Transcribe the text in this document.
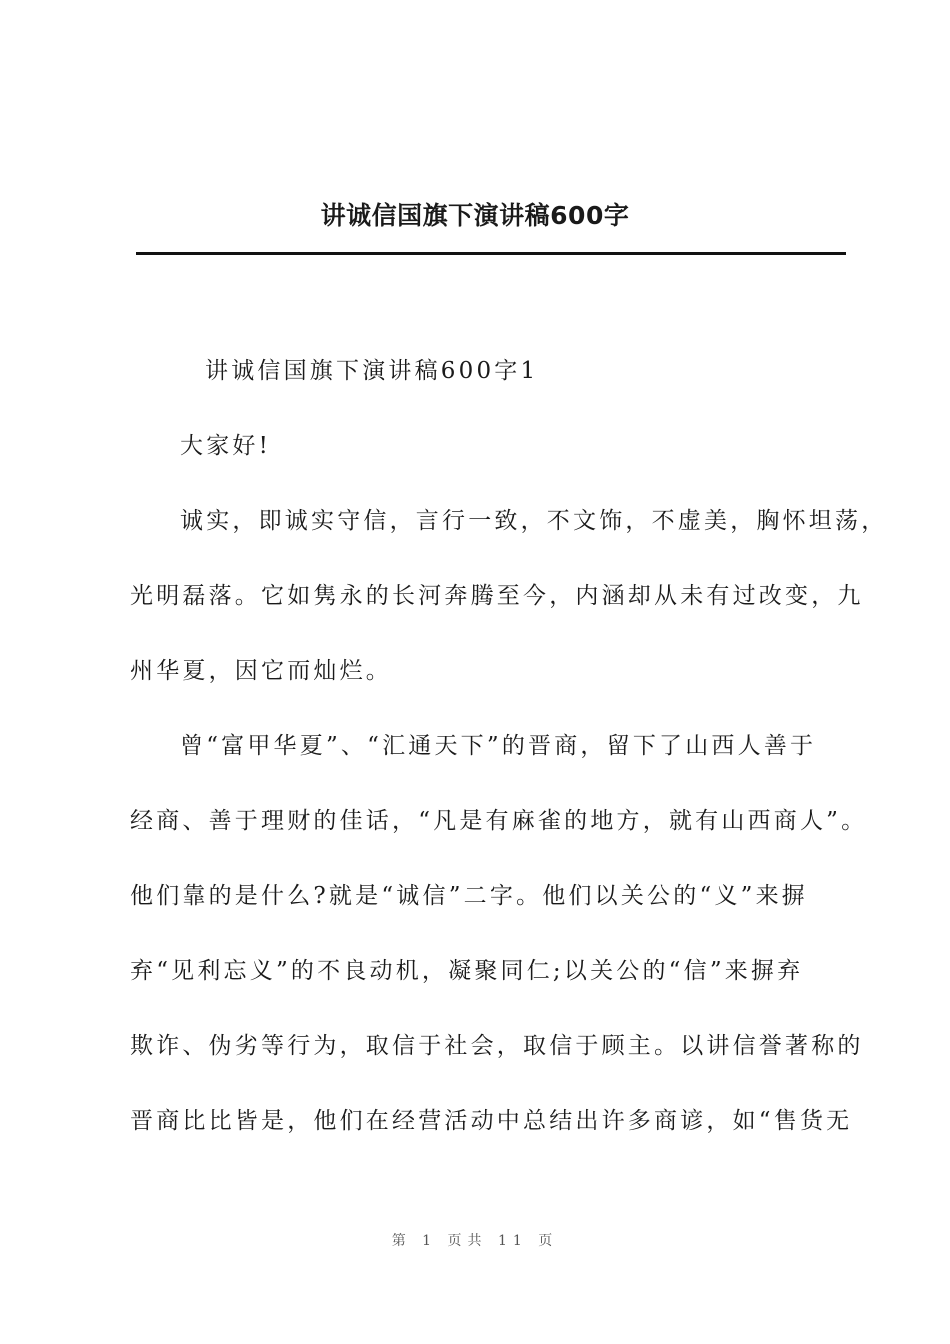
讲诚信国旗下演讲稿600字
讲诚信国旗下演讲稿600字1
大家好!
诚实，即诚实守信，言行一致，不文饰，不虚美，胸怀坦荡，
光明磊落。它如隽永的长河奔腾至今，内涵却从未有过改变，九
州华夏，因它而灿烂。
曾“富甲华夏”、“汇通天下”的晋商，留下了山西人善于
经商、善于理财的佳话，“凡是有麻雀的地方，就有山西商人”。
他们靠的是什么?就是“诚信”二字。他们以关公的“义”来摒
弃“见利忘义”的不良动机，凝聚同仁;以关公的“信”来摒弃
欺诈、伪劣等行为，取信于社会，取信于顾主。以讲信誉著称的
晋商比比皆是，他们在经营活动中总结出许多商谚，如“售货无
第 1 页共 11 页
